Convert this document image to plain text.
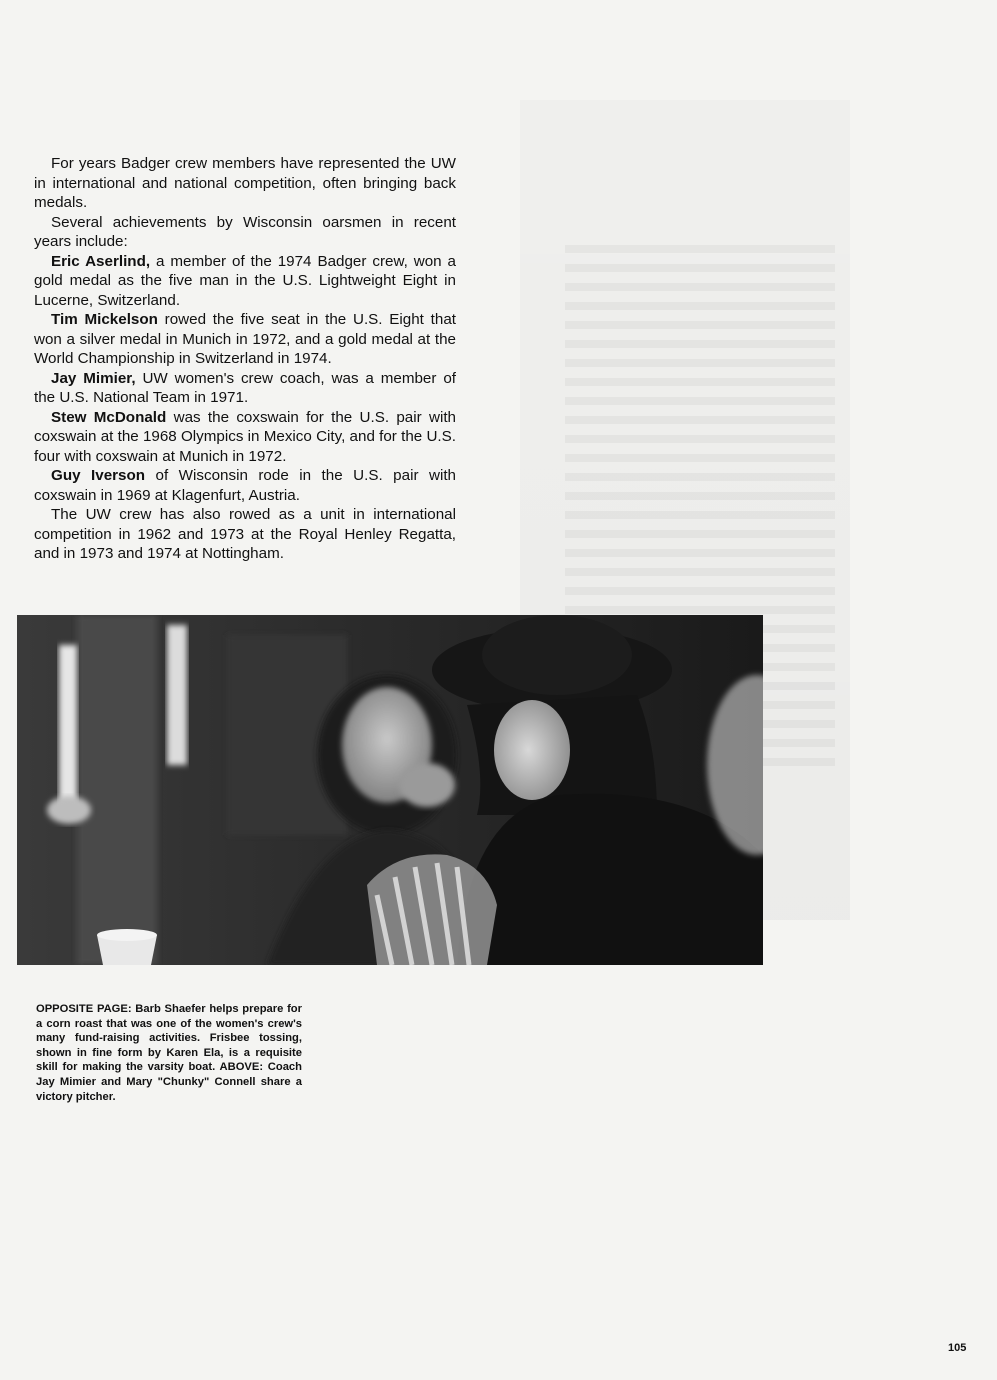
For years Badger crew members have represented the UW in international and national competition, often bringing back medals.

Several achievements by Wisconsin oarsmen in recent years include:

Eric Aserlind, a member of the 1974 Badger crew, won a gold medal as the five man in the U.S. Lightweight Eight in Lucerne, Switzerland.

Tim Mickelson rowed the five seat in the U.S. Eight that won a silver medal in Munich in 1972, and a gold medal at the World Championship in Switzerland in 1974.

Jay Mimier, UW women's crew coach, was a member of the U.S. National Team in 1971.

Stew McDonald was the coxswain for the U.S. pair with coxswain at the 1968 Olympics in Mexico City, and for the U.S. four with coxswain at Munich in 1972.

Guy Iverson of Wisconsin rode in the U.S. pair with coxswain in 1969 at Klagenfurt, Austria.

The UW crew has also rowed as a unit in international competition in 1962 and 1973 at the Royal Henley Regatta, and in 1973 and 1974 at Nottingham.

OPPOSITE PAGE: Barb Shaefer helps prepare for a corn roast that was one of the women's crew's many fund-raising activities. Frisbee tossing, shown in fine form by Karen Ela, is a requisite skill for making the varsity boat. ABOVE: Coach Jay Mimier and Mary "Chunky" Connell share a victory pitcher.
105
